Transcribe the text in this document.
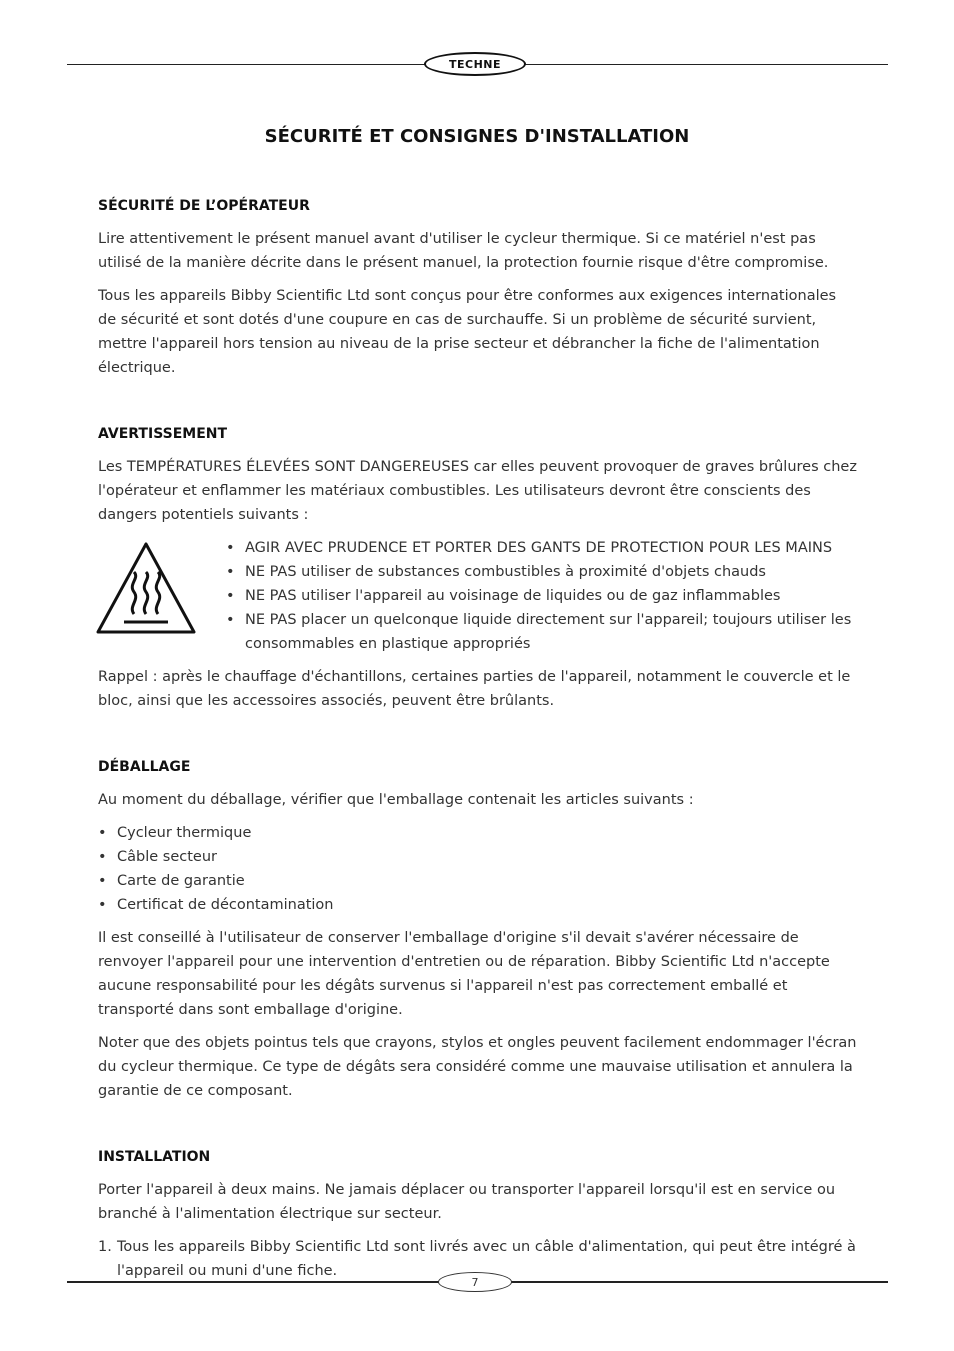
TECHNE
SÉCURITÉ ET CONSIGNES D'INSTALLATION
SÉCURITÉ DE L’OPÉRATEUR

Lire attentivement le présent manuel avant d'utiliser le cycleur thermique. Si ce matériel n'est pas utilisé de la manière décrite dans le présent manuel, la protection fournie risque d'être compromise.

Tous les appareils Bibby Scientific Ltd sont conçus pour être conformes aux exigences internationales de sécurité et sont dotés d'une coupure en cas de surchauffe. Si un problème de sécurité survient, mettre l'appareil hors tension au niveau de la prise secteur et débrancher la fiche de l'alimentation électrique.

AVERTISSEMENT

Les TEMPÉRATURES ÉLEVÉES SONT DANGEREUSES car elles peuvent provoquer de graves brûlures chez l'opérateur et enflammer les matériaux combustibles. Les utilisateurs devront être conscients des dangers potentiels suivants :

• AGIR AVEC PRUDENCE ET PORTER DES GANTS DE PROTECTION POUR LES MAINS
• NE PAS utiliser de substances combustibles à proximité d'objets chauds
• NE PAS utiliser l'appareil au voisinage de liquides ou de gaz inflammables
• NE PAS placer un quelconque liquide directement sur l'appareil; toujours utiliser les consommables en plastique appropriés

Rappel : après le chauffage d'échantillons, certaines parties de l'appareil, notamment le couvercle et le bloc, ainsi que les accessoires associés, peuvent être brûlants.

DÉBALLAGE

Au moment du déballage, vérifier que l'emballage contenait les articles suivants :

• Cycleur thermique
• Câble secteur
• Carte de garantie
• Certificat de décontamination

Il est conseillé à l'utilisateur de conserver l'emballage d'origine s'il devait s'avérer nécessaire de renvoyer l'appareil pour une intervention d'entretien ou de réparation. Bibby Scientific Ltd n'accepte aucune responsabilité pour les dégâts survenus si l'appareil n'est pas correctement emballé et transporté dans sont emballage d'origine.

Noter que des objets pointus tels que crayons, stylos et ongles peuvent facilement endommager l'écran du cycleur thermique. Ce type de dégâts sera considéré comme une mauvaise utilisation et annulera la garantie de ce composant.

INSTALLATION

Porter l'appareil à deux mains. Ne jamais déplacer ou transporter l'appareil lorsqu'il est en service ou branché à l'alimentation électrique sur secteur.

1. Tous les appareils Bibby Scientific Ltd sont livrés avec un câble d'alimentation, qui peut être intégré à l'appareil ou muni d'une fiche.
7
